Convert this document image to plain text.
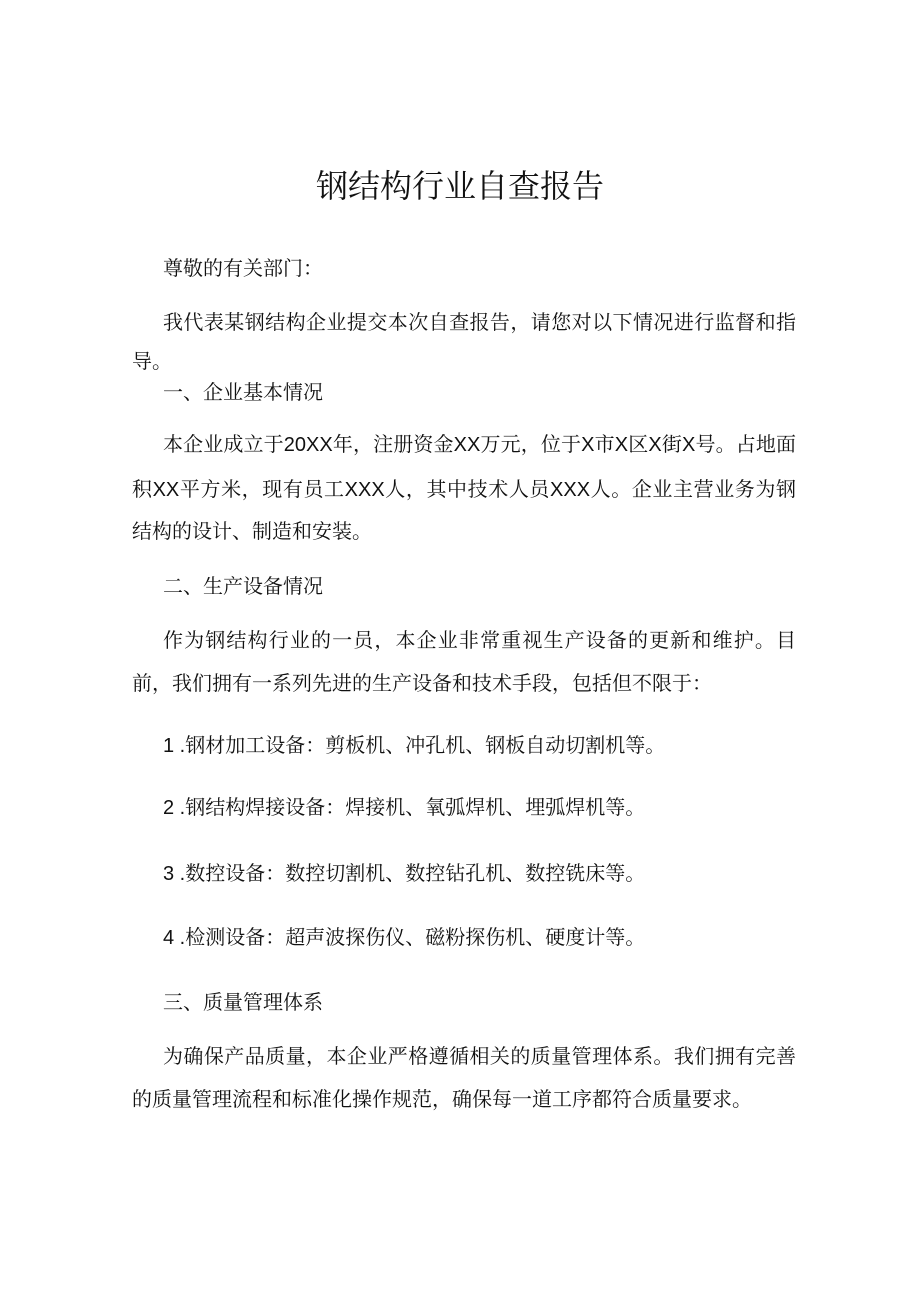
钢结构行业自查报告
尊敬的有关部门：
我代表某钢结构企业提交本次自查报告，请您对以下情况进行监督和指
导。
一、企业基本情况
本企业成立于20XX年，注册资金XX万元，位于X市X区X街X号。占地面
积XX平方米，现有员工XXX人，其中技术人员XXX人。企业主营业务为钢
结构的设计、制造和安装。
二、生产设备情况
作为钢结构行业的一员，本企业非常重视生产设备的更新和维护。目
前，我们拥有一系列先进的生产设备和技术手段，包括但不限于：
1 .钢材加工设备：剪板机、冲孔机、钢板自动切割机等。
2 .钢结构焊接设备：焊接机、氧弧焊机、埋弧焊机等。
3 .数控设备：数控切割机、数控钻孔机、数控铣床等。
4 .检测设备：超声波探伤仪、磁粉探伤机、硬度计等。
三、质量管理体系
为确保产品质量，本企业严格遵循相关的质量管理体系。我们拥有完善
的质量管理流程和标准化操作规范，确保每一道工序都符合质量要求。
